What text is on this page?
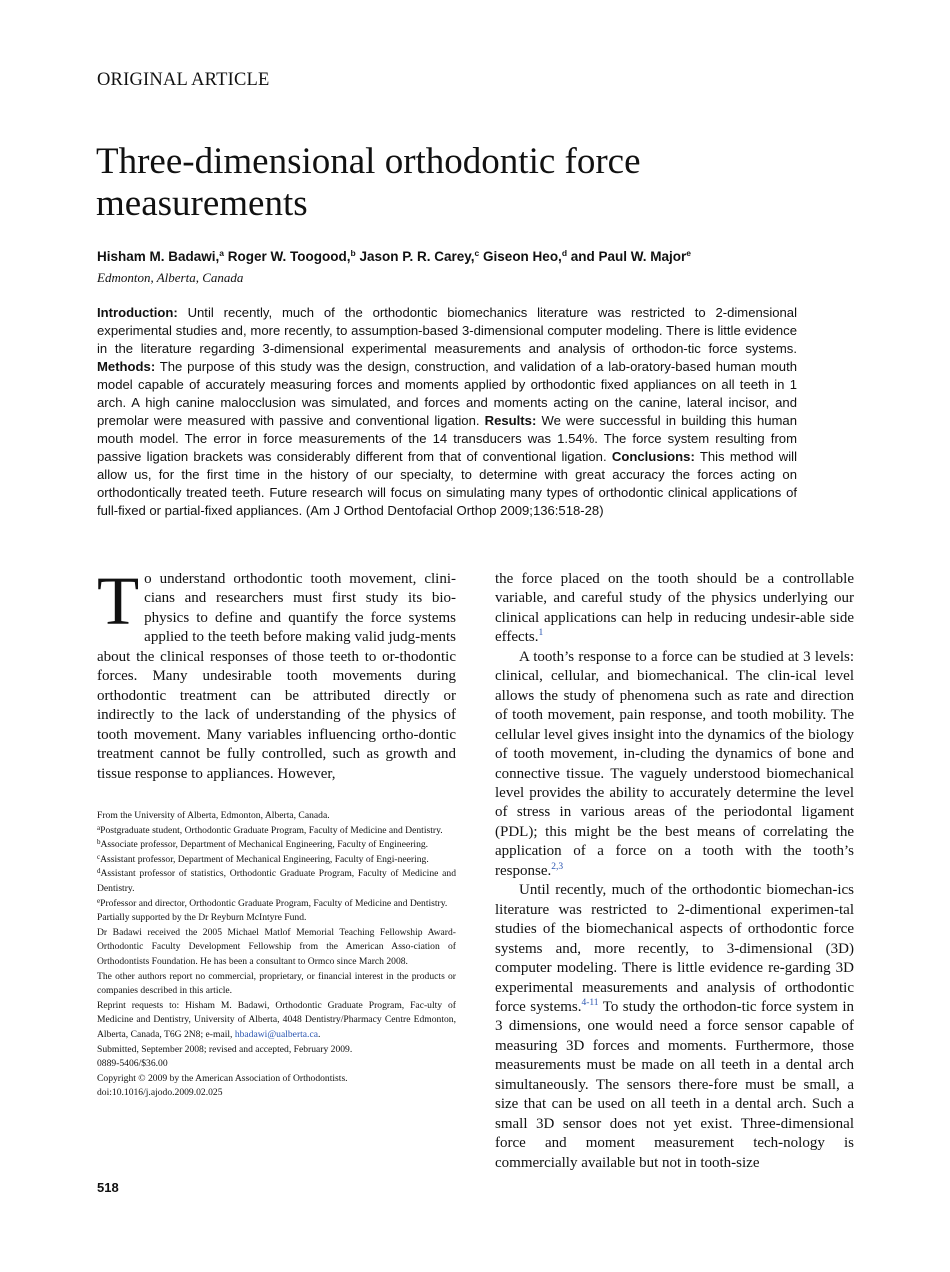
ORIGINAL ARTICLE
Three-dimensional orthodontic force measurements
Hisham M. Badawi,$^a$ Roger W. Toogood,$^b$ Jason P. R. Carey,$^c$ Giseon Heo,$^d$ and Paul W. Major$^e$
Edmonton, Alberta, Canada

Introduction: Until recently, much of the orthodontic biomechanics literature was restricted to 2-dimensional experimental studies and, more recently, to assumption-based 3-dimensional computer modeling. There is little evidence in the literature regarding 3-dimensional experimental measurements and analysis of orthodon-tic force systems. Methods: The purpose of this study was the design, construction, and validation of a lab-oratory-based human mouth model capable of accurately measuring forces and moments applied by orthodontic fixed appliances on all teeth in 1 arch. A high canine malocclusion was simulated, and forces and moments acting on the canine, lateral incisor, and premolar were measured with passive and conventional ligation. Results: We were successful in building this human mouth model. The error in force measurements of the 14 transducers was 1.54%. The force system resulting from passive ligation brackets was considerably different from that of conventional ligation. Conclusions: This method will allow us, for the first time in the history of our specialty, to determine with great accuracy the forces acting on orthodontically treated teeth. Future research will focus on simulating many types of orthodontic clinical applications of full-fixed or partial-fixed appliances. (Am J Orthod Dentofacial Orthop 2009;136:518-28)

To understand orthodontic tooth movement, clini-cians and researchers must first study its bio-physics to define and quantify the force systems applied to the teeth before making valid judg-ments about the clinical responses of those teeth to or-thodontic forces. Many undesirable tooth movements during orthodontic treatment can be attributed directly or indirectly to the lack of understanding of the physics of tooth movement. Many variables influencing ortho-dontic treatment cannot be fully controlled, such as growth and tissue response to appliances. However,

From the University of Alberta, Edmonton, Alberta, Canada.
$^a$Postgraduate student, Orthodontic Graduate Program, Faculty of Medicine and Dentistry.
$^b$Associate professor, Department of Mechanical Engineering, Faculty of Engineering.
$^c$Assistant professor, Department of Mechanical Engineering, Faculty of Engi-neering.
$^d$Assistant professor of statistics, Orthodontic Graduate Program, Faculty of Medicine and Dentistry.
$^e$Professor and director, Orthodontic Graduate Program, Faculty of Medicine and Dentistry.
Partially supported by the Dr Reyburn McIntyre Fund.
Dr Badawi received the 2005 Michael Matlof Memorial Teaching Fellowship Award- Orthodontic Faculty Development Fellowship from the American Asso-ciation of Orthodontists Foundation. He has been a consultant to Ormco since March 2008.
The other authors report no commercial, proprietary, or financial interest in the products or companies described in this article.
Reprint requests to: Hisham M. Badawi, Orthodontic Graduate Program, Fac-ulty of Medicine and Dentistry, University of Alberta, 4048 Dentistry/Pharmacy Centre Edmonton, Alberta, Canada, T6G 2N8; e-mail, hbadawi@ualberta.ca.
Submitted, September 2008; revised and accepted, February 2009.
0889-5406/$36.00
Copyright © 2009 by the American Association of Orthodontists.
doi:10.1016/j.ajodo.2009.02.025

the force placed on the tooth should be a controllable variable, and careful study of the physics underlying our clinical applications can help in reducing undesir-able side effects.$^1$

A tooth’s response to a force can be studied at 3 levels: clinical, cellular, and biomechanical. The clin-ical level allows the study of phenomena such as rate and direction of tooth movement, pain response, and tooth mobility. The cellular level gives insight into the dynamics of the biology of tooth movement, in-cluding the dynamics of bone and connective tissue. The vaguely understood biomechanical level provides the ability to accurately determine the level of stress in various areas of the periodontal ligament (PDL); this might be the best means of correlating the application of a force on a tooth with the tooth’s response.$^{2,3}$

Until recently, much of the orthodontic biomechan-ics literature was restricted to 2-dimentional experimen-tal studies of the biomechanical aspects of orthodontic force systems and, more recently, to 3-dimensional (3D) computer modeling. There is little evidence re-garding 3D experimental measurements and analysis of orthodontic force systems.$^{4-11}$ To study the orthodon-tic force system in 3 dimensions, one would need a force sensor capable of measuring 3D forces and moments. Furthermore, those measurements must be made on all teeth in a dental arch simultaneously. The sensors there-fore must be small, a size that can be used on all teeth in a dental arch. Such a small 3D sensor does not yet exist. Three-dimensional force and moment measurement tech-nology is commercially available but not in tooth-size

518
